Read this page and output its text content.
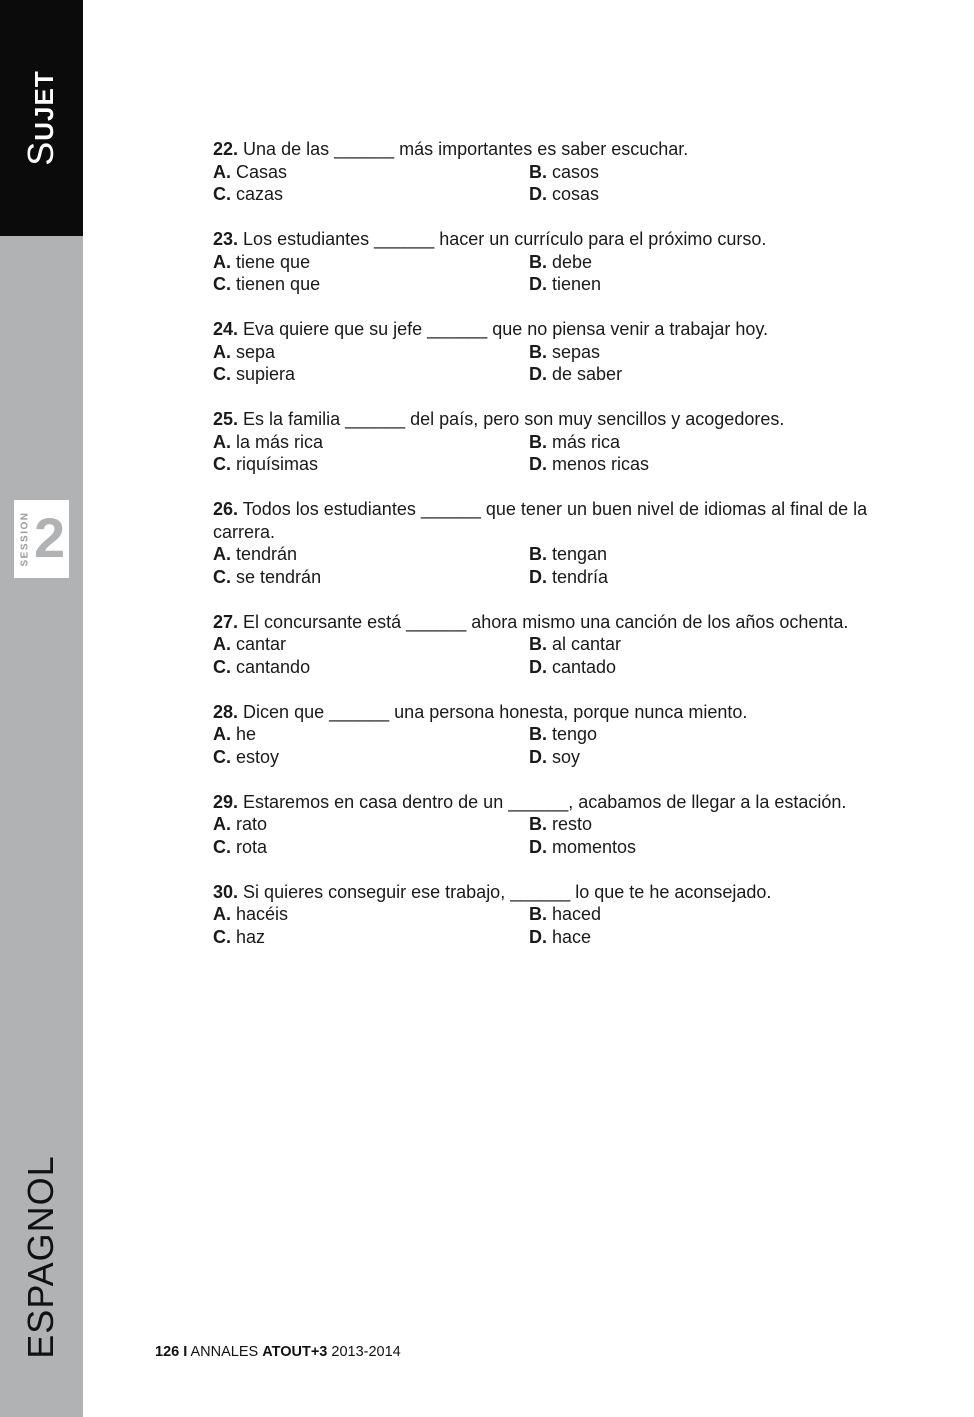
SUJET
SESSION 2
ESPAGNOL

22. Una de las ______ más importantes es saber escuchar.

A. Casas	B. casos
C. cazas	D. cosas

23. Los estudiantes ______ hacer un currículo para el próximo curso.

A. tiene que	B. debe
C. tienen que	D. tienen

24. Eva quiere que su jefe ______ que no piensa venir a trabajar hoy.

A. sepa	B. sepas
C. supiera	D. de saber

25. Es la familia ______ del país, pero son muy sencillos y acogedores.

A. la más rica	B. más rica
C. riquísimas	D. menos ricas

26. Todos los estudiantes ______ que tener un buen nivel de idiomas al final de la carrera.

A. tendrán	B. tengan
C. se tendrán	D. tendría

27. El concursante está ______ ahora mismo una canción de los años ochenta.

A. cantar	B. al cantar
C. cantando	D. cantado

28. Dicen que ______ una persona honesta, porque nunca miento.

A. he	B. tengo
C. estoy	D. soy

29. Estaremos en casa dentro de un ______, acabamos de llegar a la estación.

A. rato	B. resto
C. rota	D. momentos

30. Si quieres conseguir ese trabajo, ______ lo que te he aconsejado.

A. hacéis	B. haced
C. haz	D. hace
126 I ANNALES ATOUT+3 2013-2014
